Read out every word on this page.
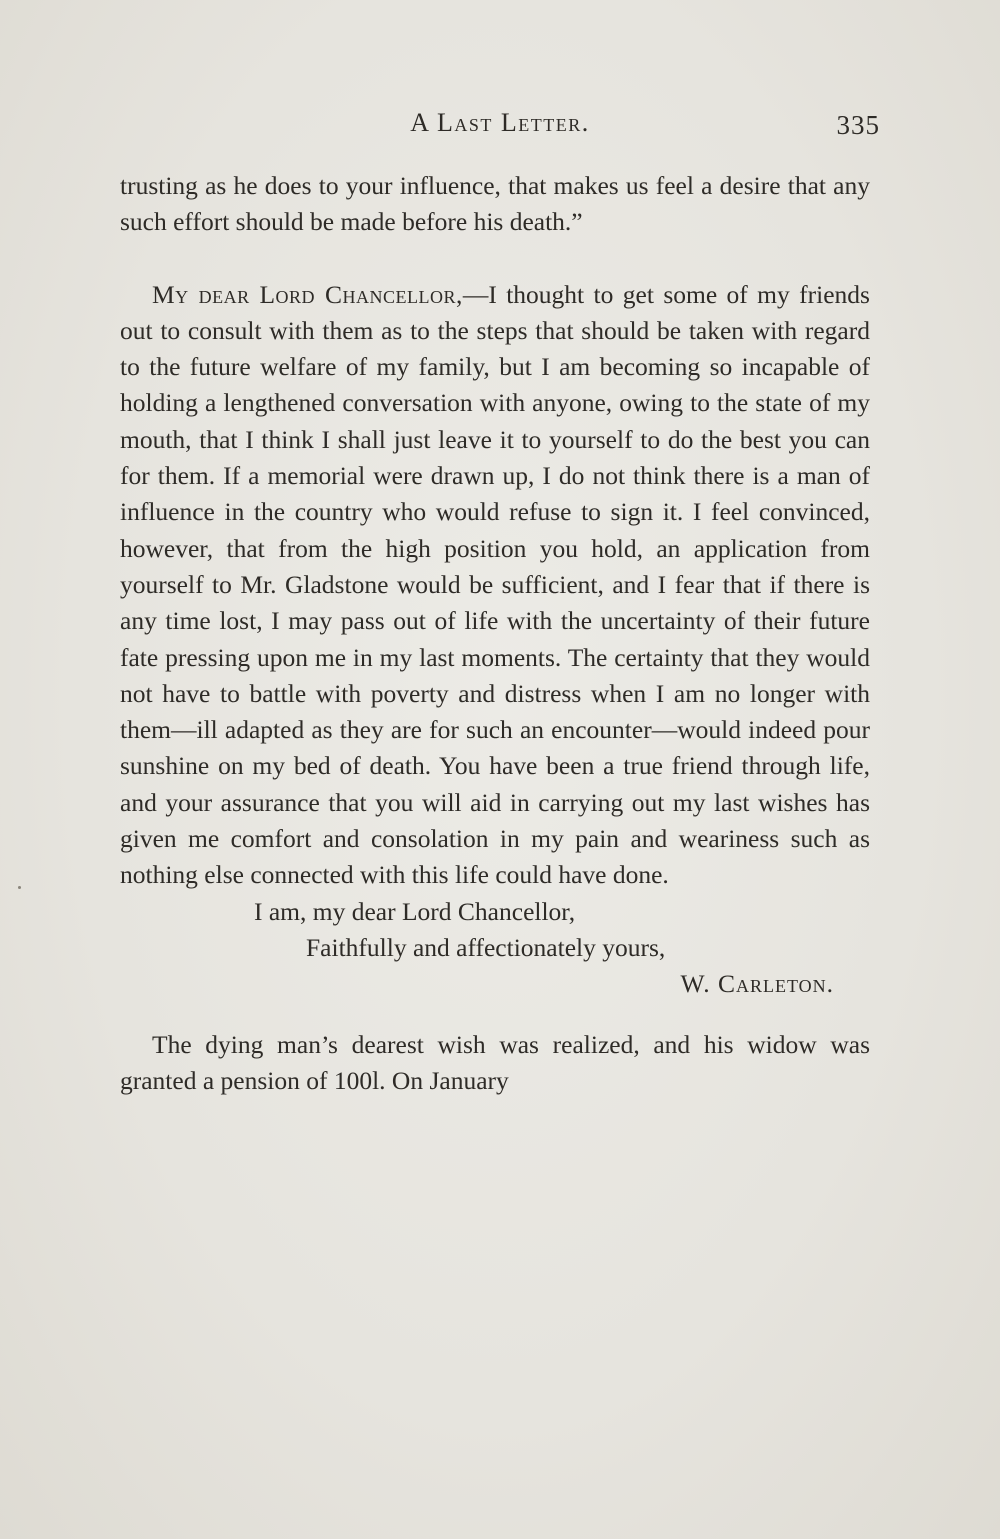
A Last Letter.	335

trusting as he does to your influence, that makes us feel a desire that any such effort should be made before his death.”

My dear Lord Chancellor,—I thought to get some of my friends out to consult with them as to the steps that should be taken with regard to the future welfare of my family, but I am becoming so incapable of holding a lengthened conversation with anyone, owing to the state of my mouth, that I think I shall just leave it to yourself to do the best you can for them. If a memorial were drawn up, I do not think there is a man of influence in the country who would refuse to sign it. I feel convinced, however, that from the high position you hold, an application from yourself to Mr. Gladstone would be sufficient, and I fear that if there is any time lost, I may pass out of life with the uncertainty of their future fate pressing upon me in my last moments. The certainty that they would not have to battle with poverty and distress when I am no longer with them—ill adapted as they are for such an encounter—would indeed pour sunshine on my bed of death. You have been a true friend through life, and your assurance that you will aid in carrying out my last wishes has given me comfort and consolation in my pain and weariness such as nothing else connected with this life could have done.

I am, my dear Lord Chancellor,

Faithfully and affectionately yours,

W. Carleton.

The dying man’s dearest wish was realized, and his widow was granted a pension of 100l. On January
